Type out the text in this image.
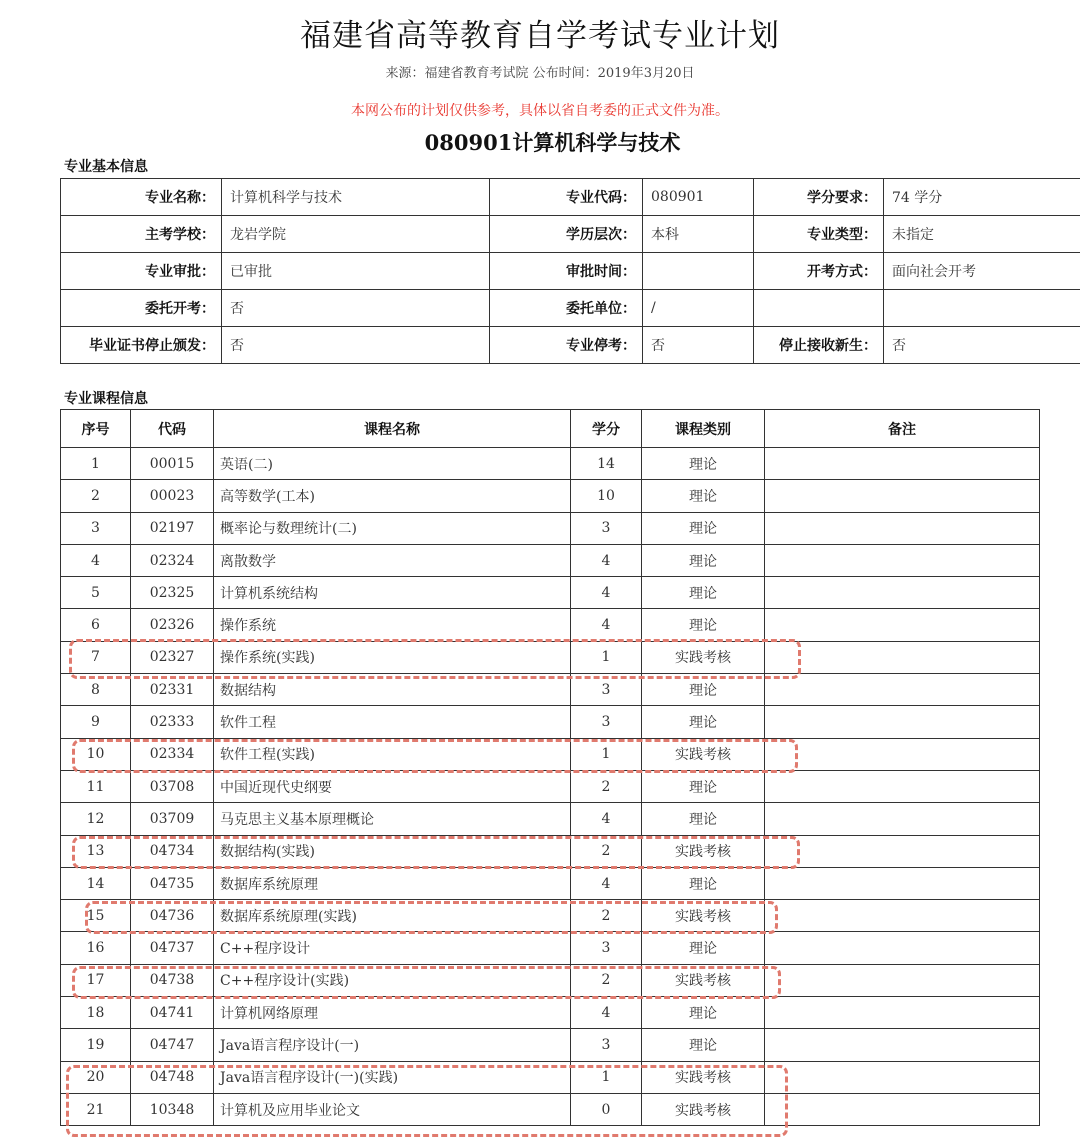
福建省高等教育自学考试专业计划
来源：福建省教育考试院 公布时间：2019年3月20日
本网公布的计划仅供参考，具体以省自考委的正式文件为准。
080901计算机科学与技术
专业基本信息
专业名称：	计算机科学与技术	专业代码：	080901	学分要求：	74 学分
主考学校：	龙岩学院	学历层次：	本科	专业类型：	未指定
专业审批：	已审批	审批时间：		开考方式：	面向社会开考
委托开考：	否	委托单位：	/		
毕业证书停止颁发：	否	专业停考：	否	停止接收新生：	否
专业课程信息
序号	代码	课程名称	学分	课程类别	备注
1	00015	英语(二)	14	理论	
2	00023	高等数学(工本)	10	理论	
3	02197	概率论与数理统计(二)	3	理论	
4	02324	离散数学	4	理论	
5	02325	计算机系统结构	4	理论	
6	02326	操作系统	4	理论	
7	02327	操作系统(实践)	1	实践考核	
8	02331	数据结构	3	理论	
9	02333	软件工程	3	理论	
10	02334	软件工程(实践)	1	实践考核	
11	03708	中国近现代史纲要	2	理论	
12	03709	马克思主义基本原理概论	4	理论	
13	04734	数据结构(实践)	2	实践考核	
14	04735	数据库系统原理	4	理论	
15	04736	数据库系统原理(实践)	2	实践考核	
16	04737	C++程序设计	3	理论	
17	04738	C++程序设计(实践)	2	实践考核	
18	04741	计算机网络原理	4	理论	
19	04747	Java语言程序设计(一)	3	理论	
20	04748	Java语言程序设计(一)(实践)	1	实践考核	
21	10348	计算机及应用毕业论文	0	实践考核	
